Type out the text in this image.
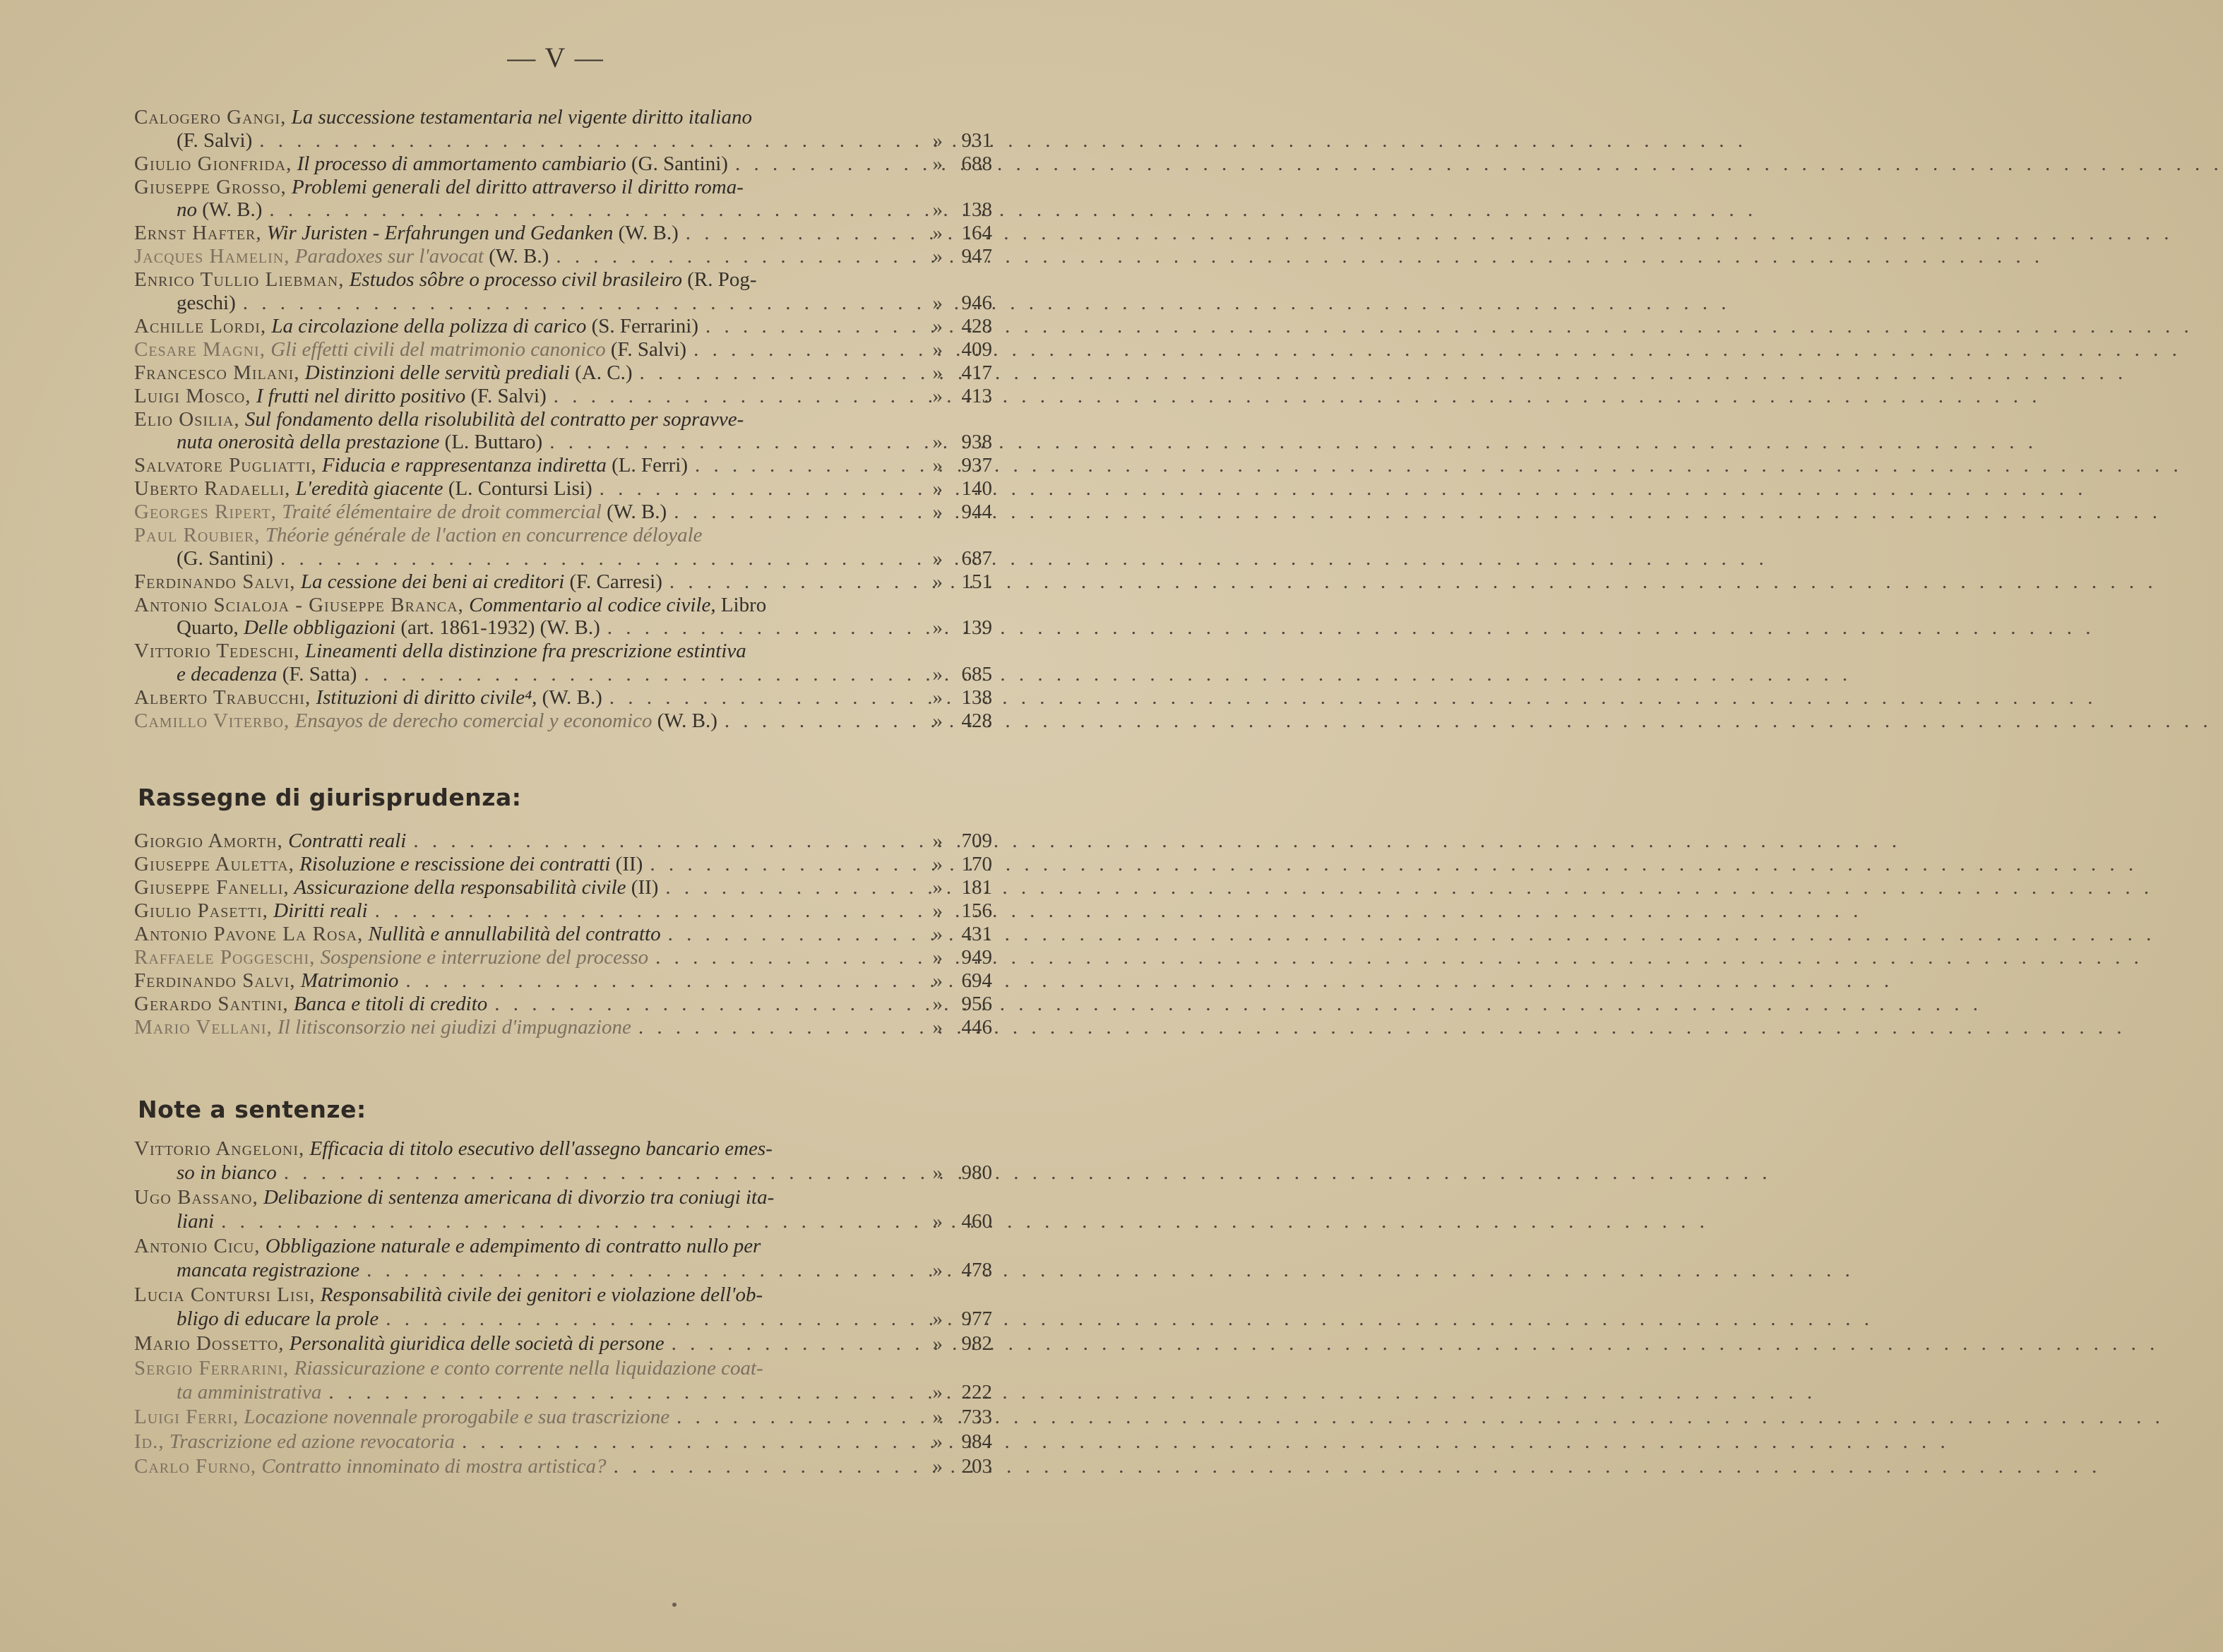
— V —
Calogero Gangi, La successione testamentaria nel vigente diritto italiano
(F. Salvi) . . .	» 931
Giulio Gionfrida, Il processo di ammortamento cambiario (G. Santini) . . .	» 688
Giuseppe Grosso, Problemi generali del diritto attraverso il diritto roma-
no (W. B.) . . .	» 138
Ernst Hafter, Wir Juristen - Erfahrungen und Gedanken (W. B.) . . .	» 164
Jacques Hamelin, Paradoxes sur l'avocat (W. B.) . . .	» 947
Enrico Tullio Liebman, Estudos sôbre o processo civil brasileiro (R. Pog-
geschi) . . .	» 946
Achille Lordi, La circolazione della polizza di carico (S. Ferrarini) . . .	» 428
Cesare Magni, Gli effetti civili del matrimonio canonico (F. Salvi) . . .	» 409
Francesco Milani, Distinzioni delle servitù prediali (A. C.) . . .	» 417
Luigi Mosco, I frutti nel diritto positivo (F. Salvi) . . .	» 413
Elio Osilia, Sul fondamento della risolubilità del contratto per sopravve-
nuta onerosità della prestazione (L. Buttaro) . . .	» 938
Salvatore Pugliatti, Fiducia e rappresentanza indiretta (L. Ferri) . . .	» 937
Uberto Radaelli, L'eredità giacente (L. Contursi Lisi) . . .	» 140
Georges Ripert, Traité élémentaire de droit commercial (W. B.) . . .	» 944
Paul Roubier, Théorie générale de l'action en concurrence déloyale
(G. Santini) . . .	» 687
Ferdinando Salvi, La cessione dei beni ai creditori (F. Carresi) . . .	» 151
Antonio Scialoja - Giuseppe Branca, Commentario al codice civile, Libro
Quarto, Delle obbligazioni (art. 1861-1932) (W. B.) . . .	» 139
Vittorio Tedeschi, Lineamenti della distinzione fra prescrizione estintiva
e decadenza (F. Satta) . . .	» 685
Alberto Trabucchi, Istituzioni di diritto civile⁴, (W. B.) . . .	» 138
Camillo Viterbo, Ensayos de derecho comercial y economico (W. B.) . . .	» 428
Rassegne di giurisprudenza:
Giorgio Amorth, Contratti reali . . .	» 709
Giuseppe Auletta, Risoluzione e rescissione dei contratti (II) . . .	» 170
Giuseppe Fanelli, Assicurazione della responsabilità civile (II) . . .	» 181
Giulio Pasetti, Diritti reali . . .	» 156
Antonio Pavone La Rosa, Nullità e annullabilità del contratto . . .	» 431
Raffaele Poggeschi, Sospensione e interruzione del processo . . .	» 949
Ferdinando Salvi, Matrimonio . . .	» 694
Gerardo Santini, Banca e titoli di credito . . .	» 956
Mario Vellani, Il litisconsorzio nei giudizi d'impugnazione . . .	» 446
Note a sentenze:
Vittorio Angeloni, Efficacia di titolo esecutivo dell'assegno bancario emes-
so in bianco . . .	» 980
Ugo Bassano, Delibazione di sentenza americana di divorzio tra coniugi ita-
liani . . .	» 460
Antonio Cicu, Obbligazione naturale e adempimento di contratto nullo per
mancata registrazione . . .	» 478
Lucia Contursi Lisi, Responsabilità civile dei genitori e violazione dell'ob-
bligo di educare la prole . . .	» 977
Mario Dossetto, Personalità giuridica delle società di persone . . .	» 982
Sergio Ferrarini, Riassicurazione e conto corrente nella liquidazione coat-
ta amministrativa . . .	» 222
Luigi Ferri, Locazione novennale prorogabile e sua trascrizione . . .	» 733
Id., Trascrizione ed azione revocatoria . . .	» 984
Carlo Furno, Contratto innominato di mostra artistica? . . .	» 203
